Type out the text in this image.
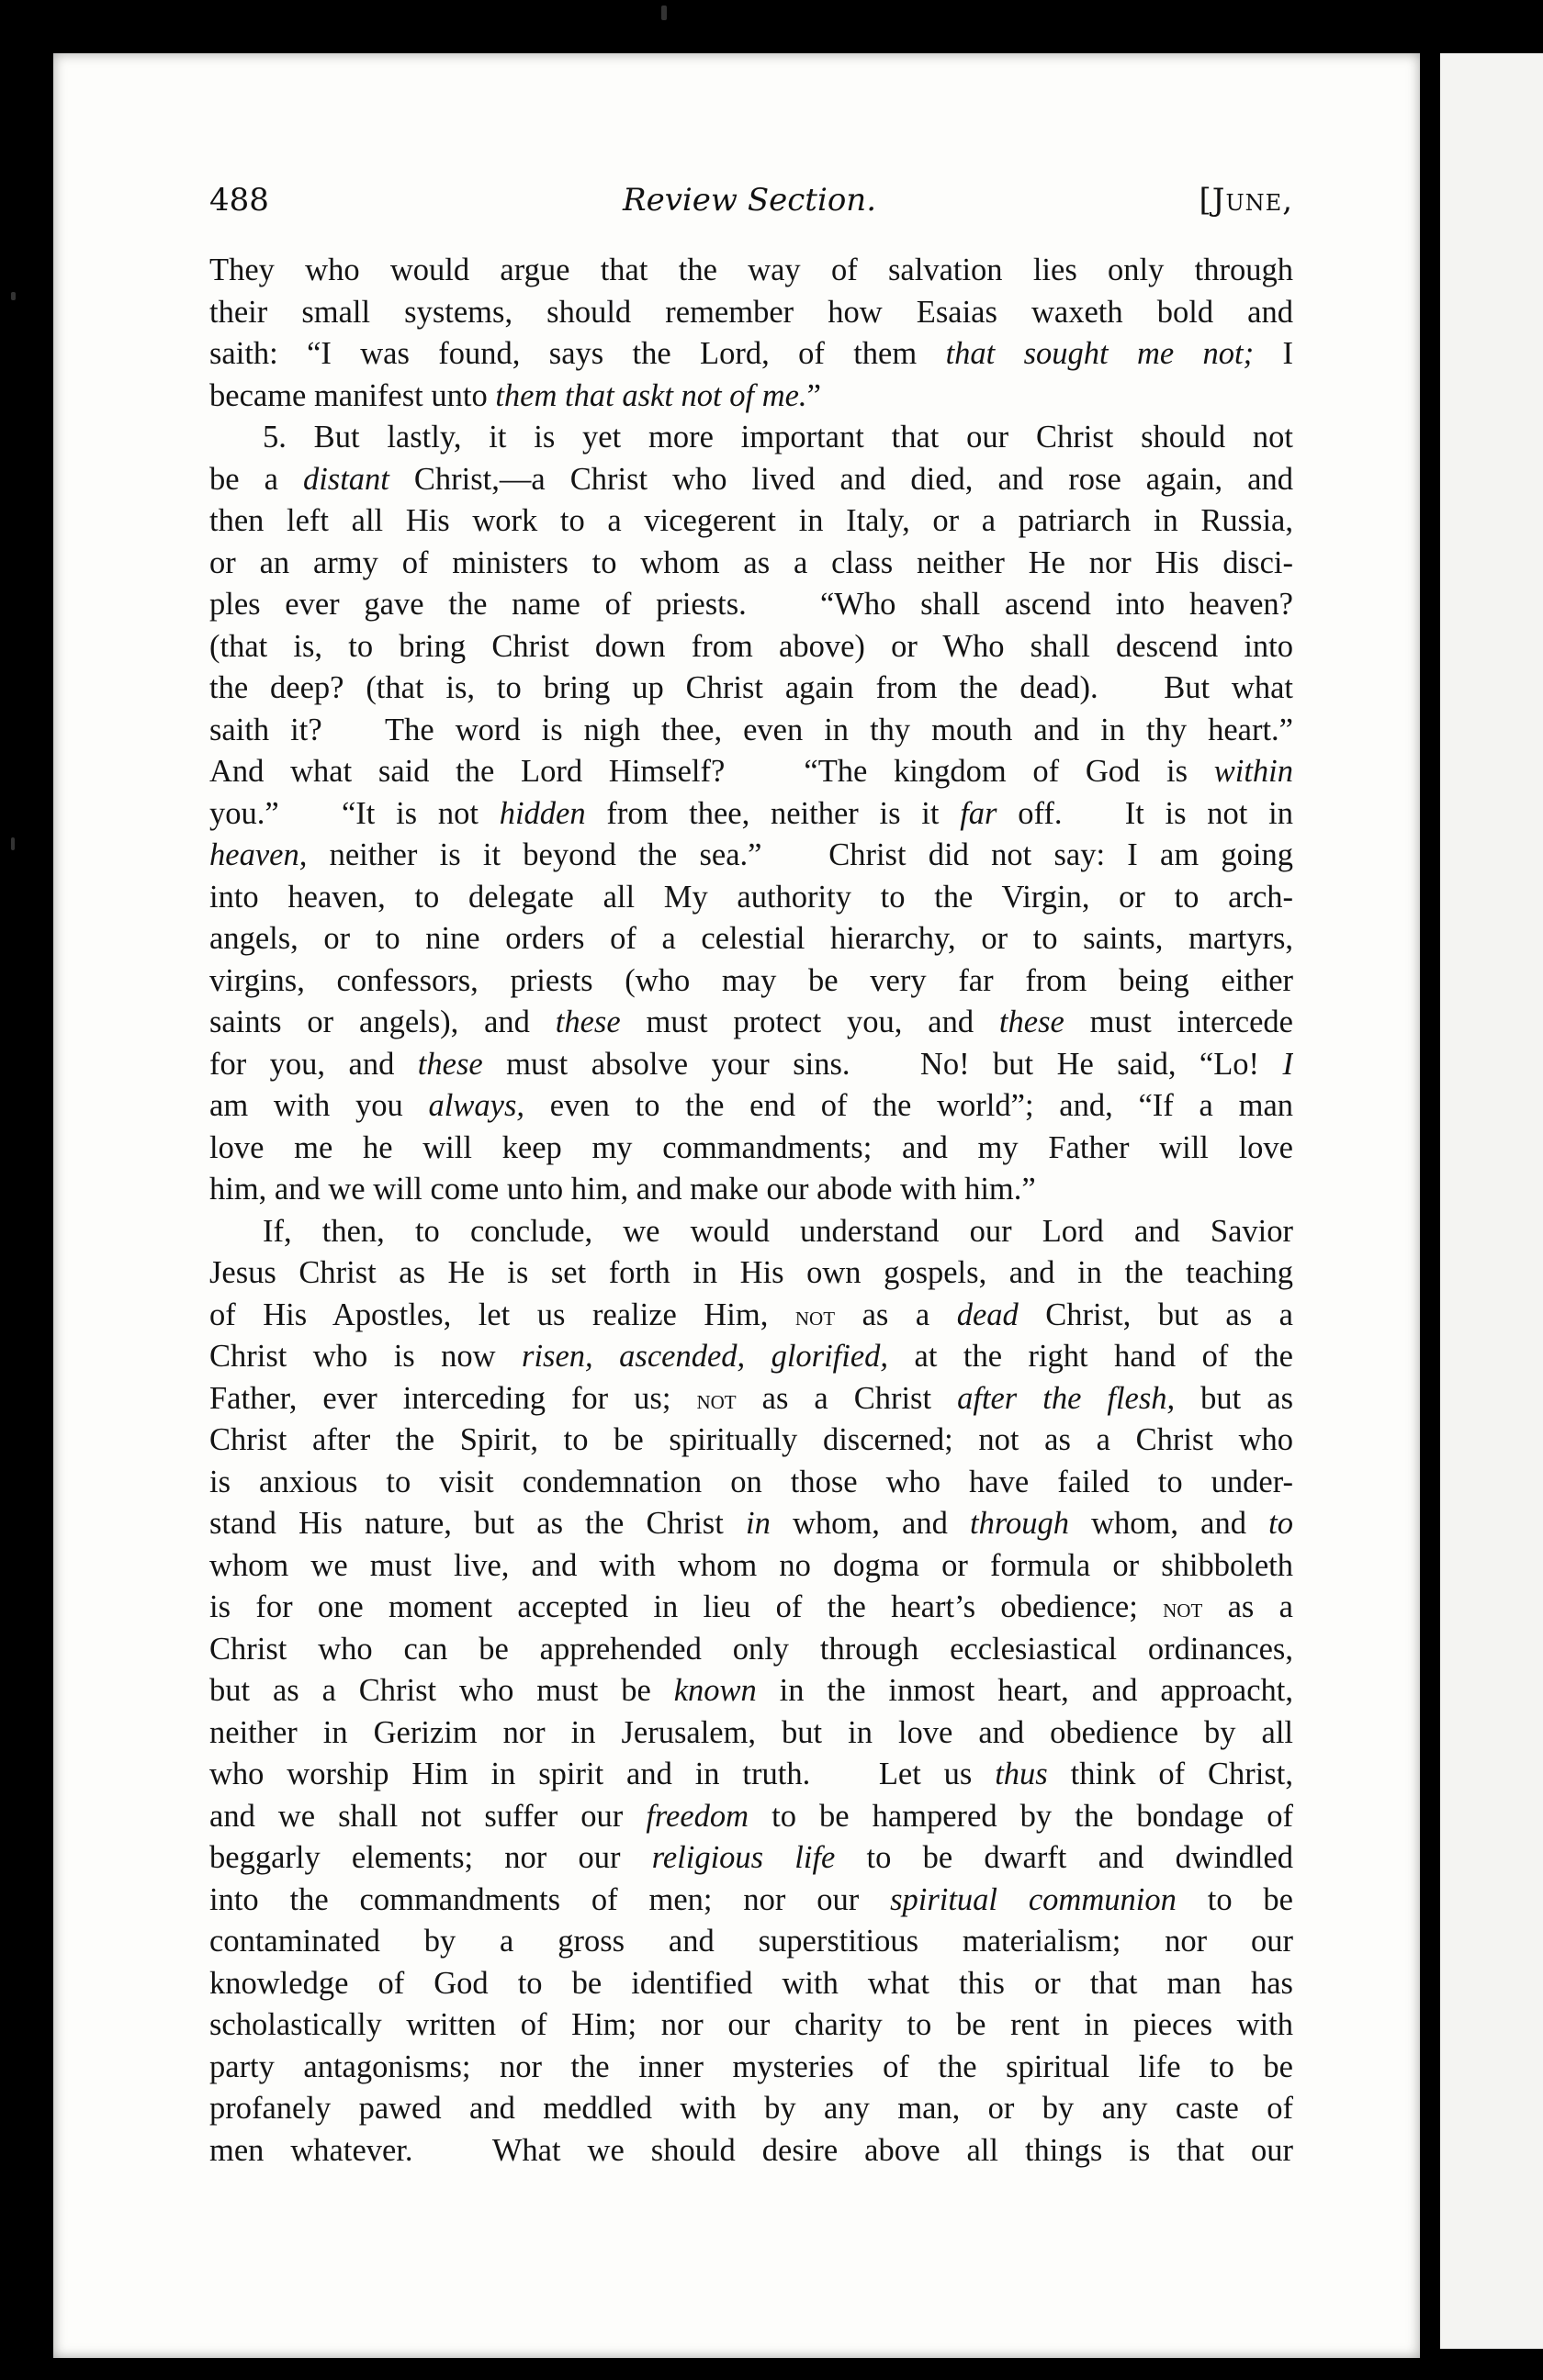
488	Review Section.	[June,
They who would argue that the way of salvation lies only through
their small systems, should remember how Esaias waxeth bold and
saith: “I was found, says the Lord, of them that sought me not; I
became manifest unto them that askt not of me.”
5. But lastly, it is yet more important that our Christ should not
be a distant Christ,—a Christ who lived and died, and rose again, and
then left all His work to a vicegerent in Italy, or a patriarch in Russia,
or an army of ministers to whom as a class neither He nor His disci-
ples ever gave the name of priests.   “Who shall ascend into heaven?
(that is, to bring Christ down from above) or Who shall descend into
the deep? (that is, to bring up Christ again from the dead).   But what
saith it?   The word is nigh thee, even in thy mouth and in thy heart.”
And what said the Lord Himself?   “The kingdom of God is within
you.”   “It is not hidden from thee, neither is it far off.   It is not in
heaven, neither is it beyond the sea.”   Christ did not say: I am going
into heaven, to delegate all My authority to the Virgin, or to arch-
angels, or to nine orders of a celestial hierarchy, or to saints, martyrs,
virgins, confessors, priests (who may be very far from being either
saints or angels), and these must protect you, and these must intercede
for you, and these must absolve your sins.   No! but He said, “Lo! I
am with you always, even to the end of the world”; and, “If a man
love me he will keep my commandments; and my Father will love
him, and we will come unto him, and make our abode with him.”
If, then, to conclude, we would understand our Lord and Savior
Jesus Christ as He is set forth in His own gospels, and in the teaching
of His Apostles, let us realize Him, not as a dead Christ, but as a
Christ who is now risen, ascended, glorified, at the right hand of the
Father, ever interceding for us; not as a Christ after the flesh, but as
Christ after the Spirit, to be spiritually discerned; not as a Christ who
is anxious to visit condemnation on those who have failed to under-
stand His nature, but as the Christ in whom, and through whom, and to
whom we must live, and with whom no dogma or formula or shibboleth
is for one moment accepted in lieu of the heart’s obedience; not as a
Christ who can be apprehended only through ecclesiastical ordinances,
but as a Christ who must be known in the inmost heart, and approacht,
neither in Gerizim nor in Jerusalem, but in love and obedience by all
who worship Him in spirit and in truth.   Let us thus think of Christ,
and we shall not suffer our freedom to be hampered by the bondage of
beggarly elements; nor our religious life to be dwarft and dwindled
into the commandments of men; nor our spiritual communion to be
contaminated by a gross and superstitious materialism; nor our
knowledge of God to be identified with what this or that man has
scholastically written of Him; nor our charity to be rent in pieces with
party antagonisms; nor the inner mysteries of the spiritual life to be
profanely pawed and meddled with by any man, or by any caste of
men whatever.   What we should desire above all things is that our
